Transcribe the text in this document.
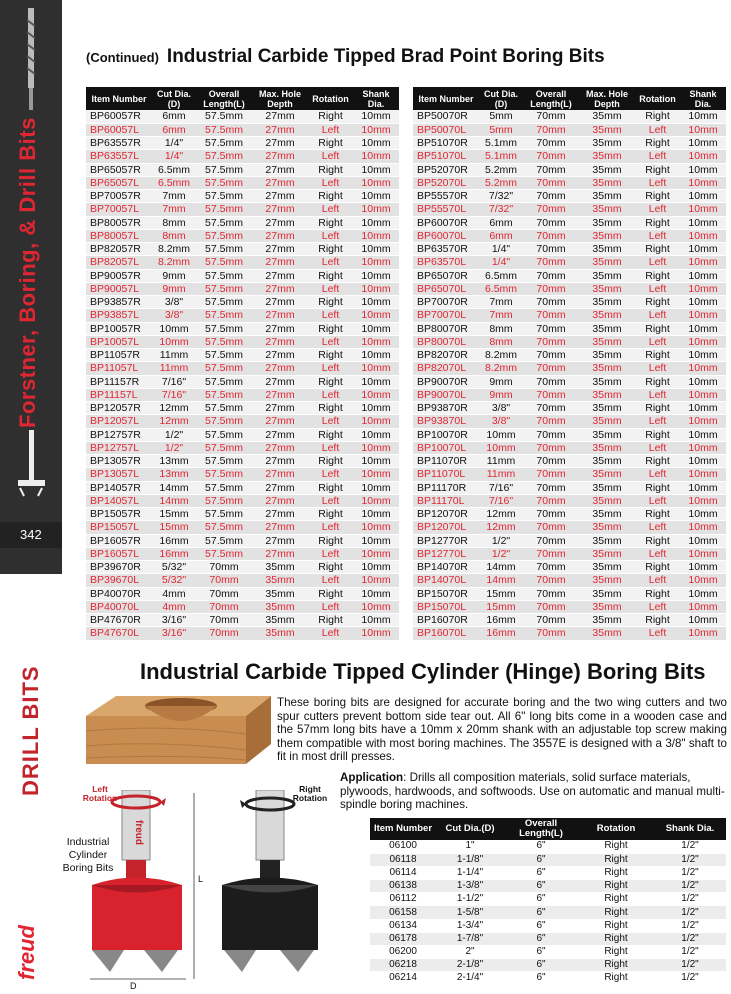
Forstner, Boring, & Drill Bits
342
DRILL BITS
freud
(Continued) Industrial Carbide Tipped Brad Point Boring Bits
Item Number	Cut Dia.(D)	Overall Length(L)	Max. Hole Depth	Rotation	Shank Dia.
BP60057R	6mm	57.5mm	27mm	Right	10mm
BP60057L	6mm	57.5mm	27mm	Left	10mm
BP63557R	1/4"	57.5mm	27mm	Right	10mm
BP63557L	1/4"	57.5mm	27mm	Left	10mm
BP65057R	6.5mm	57.5mm	27mm	Right	10mm
BP65057L	6.5mm	57.5mm	27mm	Left	10mm
BP70057R	7mm	57.5mm	27mm	Right	10mm
BP70057L	7mm	57.5mm	27mm	Left	10mm
BP80057R	8mm	57.5mm	27mm	Right	10mm
BP80057L	8mm	57.5mm	27mm	Left	10mm
BP82057R	8.2mm	57.5mm	27mm	Right	10mm
BP82057L	8.2mm	57.5mm	27mm	Left	10mm
BP90057R	9mm	57.5mm	27mm	Right	10mm
BP90057L	9mm	57.5mm	27mm	Left	10mm
BP93857R	3/8"	57.5mm	27mm	Right	10mm
BP93857L	3/8"	57.5mm	27mm	Left	10mm
BP10057R	10mm	57.5mm	27mm	Right	10mm
BP10057L	10mm	57.5mm	27mm	Left	10mm
BP11057R	11mm	57.5mm	27mm	Right	10mm
BP11057L	11mm	57.5mm	27mm	Left	10mm
BP11157R	7/16"	57.5mm	27mm	Right	10mm
BP11157L	7/16"	57.5mm	27mm	Left	10mm
BP12057R	12mm	57.5mm	27mm	Right	10mm
BP12057L	12mm	57.5mm	27mm	Left	10mm
BP12757R	1/2"	57.5mm	27mm	Right	10mm
BP12757L	1/2"	57.5mm	27mm	Left	10mm
BP13057R	13mm	57.5mm	27mm	Right	10mm
BP13057L	13mm	57.5mm	27mm	Left	10mm
BP14057R	14mm	57.5mm	27mm	Right	10mm
BP14057L	14mm	57.5mm	27mm	Left	10mm
BP15057R	15mm	57.5mm	27mm	Right	10mm
BP15057L	15mm	57.5mm	27mm	Left	10mm
BP16057R	16mm	57.5mm	27mm	Right	10mm
BP16057L	16mm	57.5mm	27mm	Left	10mm
BP39670R	5/32"	70mm	35mm	Right	10mm
BP39670L	5/32"	70mm	35mm	Left	10mm
BP40070R	4mm	70mm	35mm	Right	10mm
BP40070L	4mm	70mm	35mm	Left	10mm
BP47670R	3/16"	70mm	35mm	Right	10mm
BP47670L	3/16"	70mm	35mm	Left	10mm
Item Number	Cut Dia.(D)	Overall Length(L)	Max. Hole Depth	Rotation	Shank Dia.
BP50070R	5mm	70mm	35mm	Right	10mm
BP50070L	5mm	70mm	35mm	Left	10mm
BP51070R	5.1mm	70mm	35mm	Right	10mm
BP51070L	5.1mm	70mm	35mm	Left	10mm
BP52070R	5.2mm	70mm	35mm	Right	10mm
BP52070L	5.2mm	70mm	35mm	Left	10mm
BP55570R	7/32"	70mm	35mm	Right	10mm
BP55570L	7/32"	70mm	35mm	Left	10mm
BP60070R	6mm	70mm	35mm	Right	10mm
BP60070L	6mm	70mm	35mm	Left	10mm
BP63570R	1/4"	70mm	35mm	Right	10mm
BP63570L	1/4"	70mm	35mm	Left	10mm
BP65070R	6.5mm	70mm	35mm	Right	10mm
BP65070L	6.5mm	70mm	35mm	Left	10mm
BP70070R	7mm	70mm	35mm	Right	10mm
BP70070L	7mm	70mm	35mm	Left	10mm
BP80070R	8mm	70mm	35mm	Right	10mm
BP80070L	8mm	70mm	35mm	Left	10mm
BP82070R	8.2mm	70mm	35mm	Right	10mm
BP82070L	8.2mm	70mm	35mm	Left	10mm
BP90070R	9mm	70mm	35mm	Right	10mm
BP90070L	9mm	70mm	35mm	Left	10mm
BP93870R	3/8"	70mm	35mm	Right	10mm
BP93870L	3/8"	70mm	35mm	Left	10mm
BP10070R	10mm	70mm	35mm	Right	10mm
BP10070L	10mm	70mm	35mm	Left	10mm
BP11070R	11mm	70mm	35mm	Right	10mm
BP11070L	11mm	70mm	35mm	Left	10mm
BP11170R	7/16"	70mm	35mm	Right	10mm
BP11170L	7/16"	70mm	35mm	Left	10mm
BP12070R	12mm	70mm	35mm	Right	10mm
BP12070L	12mm	70mm	35mm	Left	10mm
BP12770R	1/2"	70mm	35mm	Right	10mm
BP12770L	1/2"	70mm	35mm	Left	10mm
BP14070R	14mm	70mm	35mm	Right	10mm
BP14070L	14mm	70mm	35mm	Left	10mm
BP15070R	15mm	70mm	35mm	Right	10mm
BP15070L	15mm	70mm	35mm	Left	10mm
BP16070R	16mm	70mm	35mm	Right	10mm
BP16070L	16mm	70mm	35mm	Left	10mm
Industrial Carbide Tipped Cylinder (Hinge) Boring Bits
These boring bits are designed for accurate boring and the two wing cutters and two spur cutters prevent bottom side tear out. All 6" long bits come in a wooden case and the 57mm long bits have a 10mm x 20mm shank with an adjustable top screw making them compatible with most boring machines. The 3557E is designed with a 3/8" shaft to fit in most drill presses.
Application: Drills all composition materials, solid surface materials, plywoods, hardwoods, and softwoods. Use on automatic and manual multi-spindle boring machines.
Left Rotation
Right Rotation
Industrial Cylinder Boring Bits
freud
L
D
Item Number	Cut Dia.(D)	Overall Length(L)	Rotation	Shank Dia.
06100	1"	6"	Right	1/2"
06118	1-1/8"	6"	Right	1/2"
06114	1-1/4"	6"	Right	1/2"
06138	1-3/8"	6"	Right	1/2"
06112	1-1/2"	6"	Right	1/2"
06158	1-5/8"	6"	Right	1/2"
06134	1-3/4"	6"	Right	1/2"
06178	1-7/8"	6"	Right	1/2"
06200	2"	6"	Right	1/2"
06218	2-1/8"	6"	Right	1/2"
06214	2-1/4"	6"	Right	1/2"
